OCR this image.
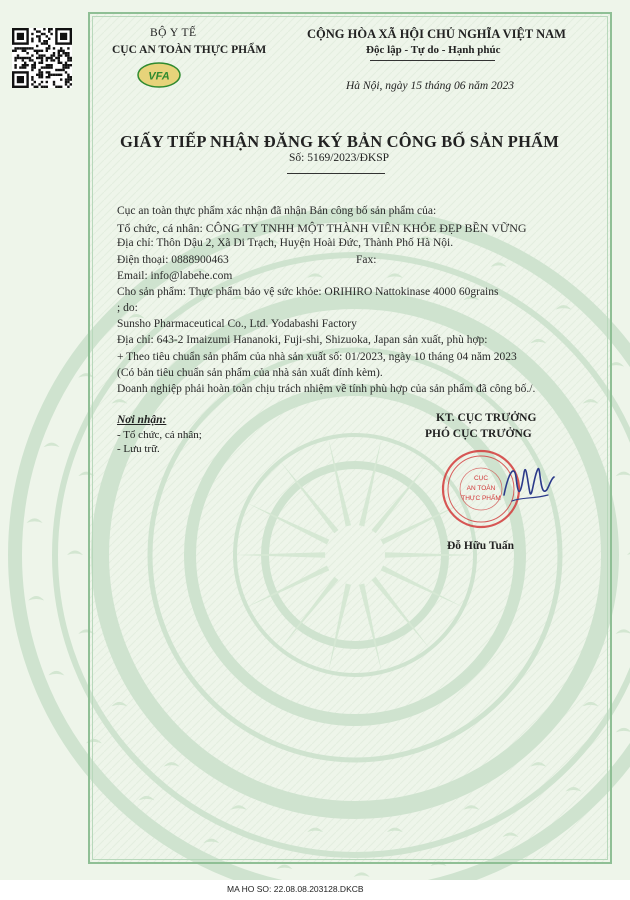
BỘ Y TẾ
CỤC AN TOÀN THỰC PHẨM
VFA
CỘNG HÒA XÃ HỘI CHỦ NGHĨA VIỆT NAM
Độc lập - Tự do - Hạnh phúc
Hà Nội, ngày 15 tháng 06 năm 2023
GIẤY TIẾP NHẬN ĐĂNG KÝ BẢN CÔNG BỐ SẢN PHẨM
Số: 5169/2023/ĐKSP
Cục an toàn thực phẩm xác nhận đã nhận Bản công bố sản phẩm của:
Tổ chức, cá nhân: CÔNG TY TNHH MỘT THÀNH VIÊN KHỎE ĐẸP BỀN VỮNG
Địa chỉ: Thôn Dậu 2, Xã Di Trạch, Huyện Hoài Đức, Thành Phố Hà Nội.
Điện thoại: 0888900463	Fax:
Email: info@labehe.com
Cho sản phẩm: Thực phẩm bảo vệ sức khỏe: ORIHIRO Nattokinase 4000 60grains
; do:
Sunsho Pharmaceutical Co., Ltd. Yodabashi Factory
Địa chỉ: 643-2 Imaizumi Hananoki, Fuji-shi, Shizuoka, Japan sản xuất, phù hợp:
+ Theo tiêu chuẩn sản phẩm của nhà sản xuất số: 01/2023, ngày 10 tháng 04 năm 2023
(Có bản tiêu chuẩn sản phẩm của nhà sản xuất đính kèm).
Doanh nghiệp phải hoàn toàn chịu trách nhiệm về tính phù hợp của sản phẩm đã công bố./.
Nơi nhận:
- Tổ chức, cá nhân;
- Lưu trữ.
KT. CỤC TRƯỞNG
PHÓ CỤC TRƯỞNG
CỤC
AN TOÀN
THỰC PHẨM
Đỗ Hữu Tuấn
MA HO SO: 22.08.08.203128.DKCB
